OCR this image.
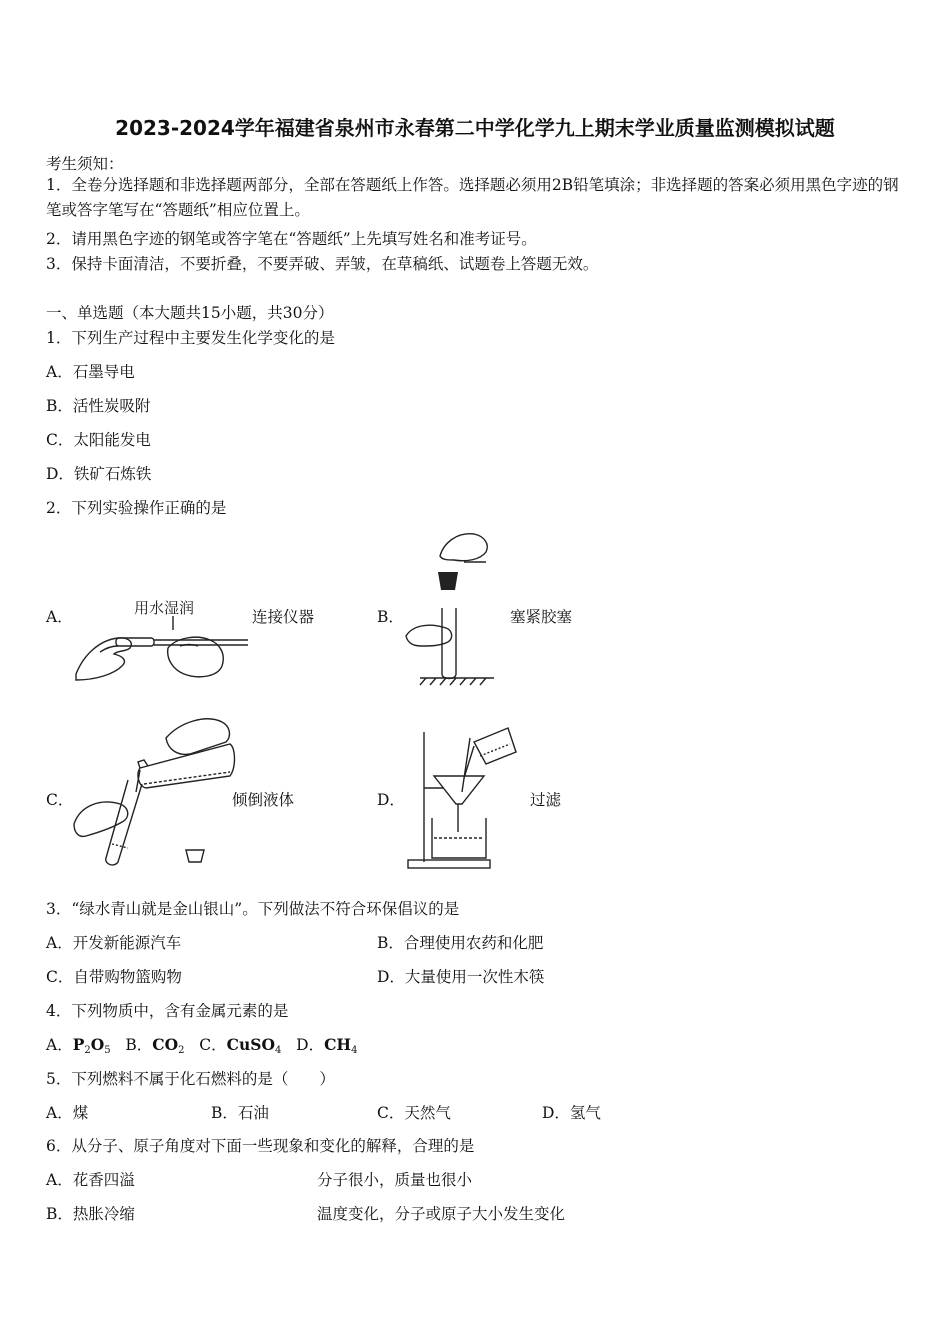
2023-2024学年福建省泉州市永春第二中学化学九上期末学业质量监测模拟试题
考生须知：
1．全卷分选择题和非选择题两部分，全部在答题纸上作答。选择题必须用2B铅笔填涂；非选择题的答案必须用黑色字迹的钢笔或答字笔写在“答题纸”相应位置上。
2．请用黑色字迹的钢笔或答字笔在“答题纸”上先填写姓名和准考证号。
3．保持卡面清洁，不要折叠，不要弄破、弄皱，在草稿纸、试题卷上答题无效。
一、单选题（本大题共15小题，共30分）
1．下列生产过程中主要发生化学变化的是
A．石墨导电
B．活性炭吸附
C．太阳能发电
D．铁矿石炼铁
2．下列实验操作正确的是
A．	用水湿润	连接仪器	B．	塞紧胶塞
C．	倾倒液体	D．	过滤
3．“绿水青山就是金山银山”。下列做法不符合环保倡议的是
A．开发新能源汽车	B．合理使用农药和化肥
C．自带购物篮购物	D．大量使用一次性木筷
4．下列物质中，含有金属元素的是
A．$P_2O_5$ B．$CO_2$ C．CuSO$_4$ D．$CH_4$
5．下列燃料不属于化石燃料的是（　　）
A．煤	B．石油	C．天然气	D．氢气
6．从分子、原子角度对下面一些现象和变化的解释，合理的是
A．花香四溢	分子很小，质量也很小
B．热胀冷缩	温度变化，分子或原子大小发生变化
